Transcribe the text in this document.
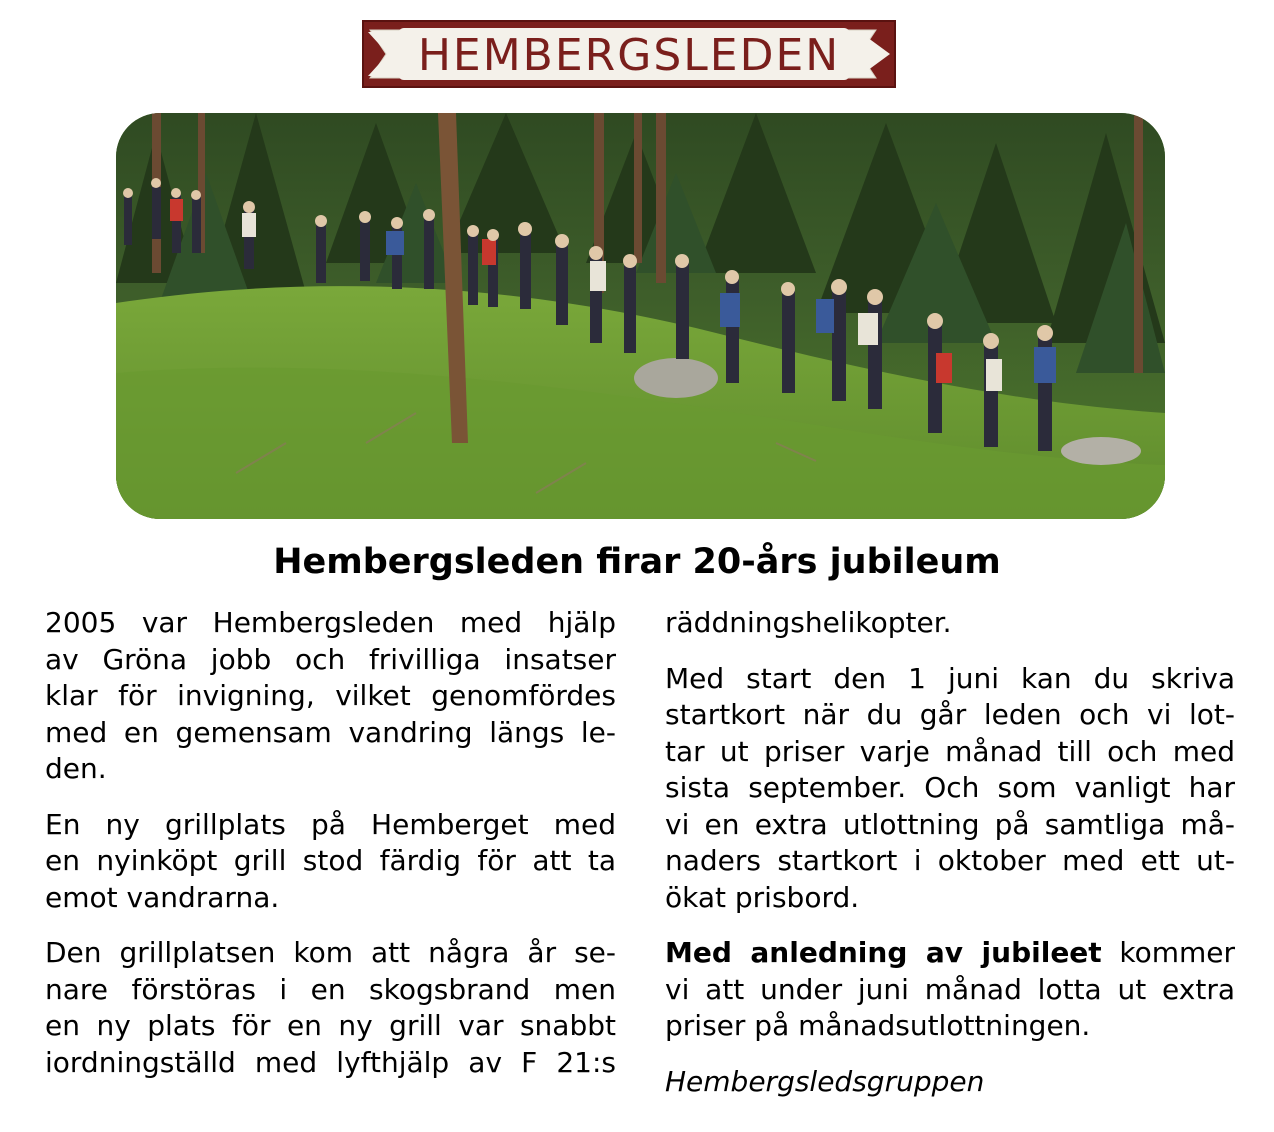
HEMBERGSLEDEN
Hembergsleden firar 20-års jubileum

2005 var Hembergsleden med hjälp
av Gröna jobb och frivilliga insatser
klar för invigning, vilket genomfördes
med en gemensam vandring längs le-
den.

En ny grillplats på Hemberget med
en nyinköpt grill stod färdig för att ta
emot vandrarna.

Den grillplatsen kom att några år se-
nare förstöras i en skogsbrand men
en ny plats för en ny grill var snabbt
iordningställd med lyfthjälp av F 21:s

räddningshelikopter.

Med start den 1 juni kan du skriva
startkort när du går leden och vi lot-
tar ut priser varje månad till och med
sista september. Och som vanligt har
vi en extra utlottning på samtliga må-
naders startkort i oktober med ett ut-
ökat prisbord.

Med anledning av jubileet kommer
vi att under juni månad lotta ut extra
priser på månadsutlottningen.

Hembergsledsgruppen
